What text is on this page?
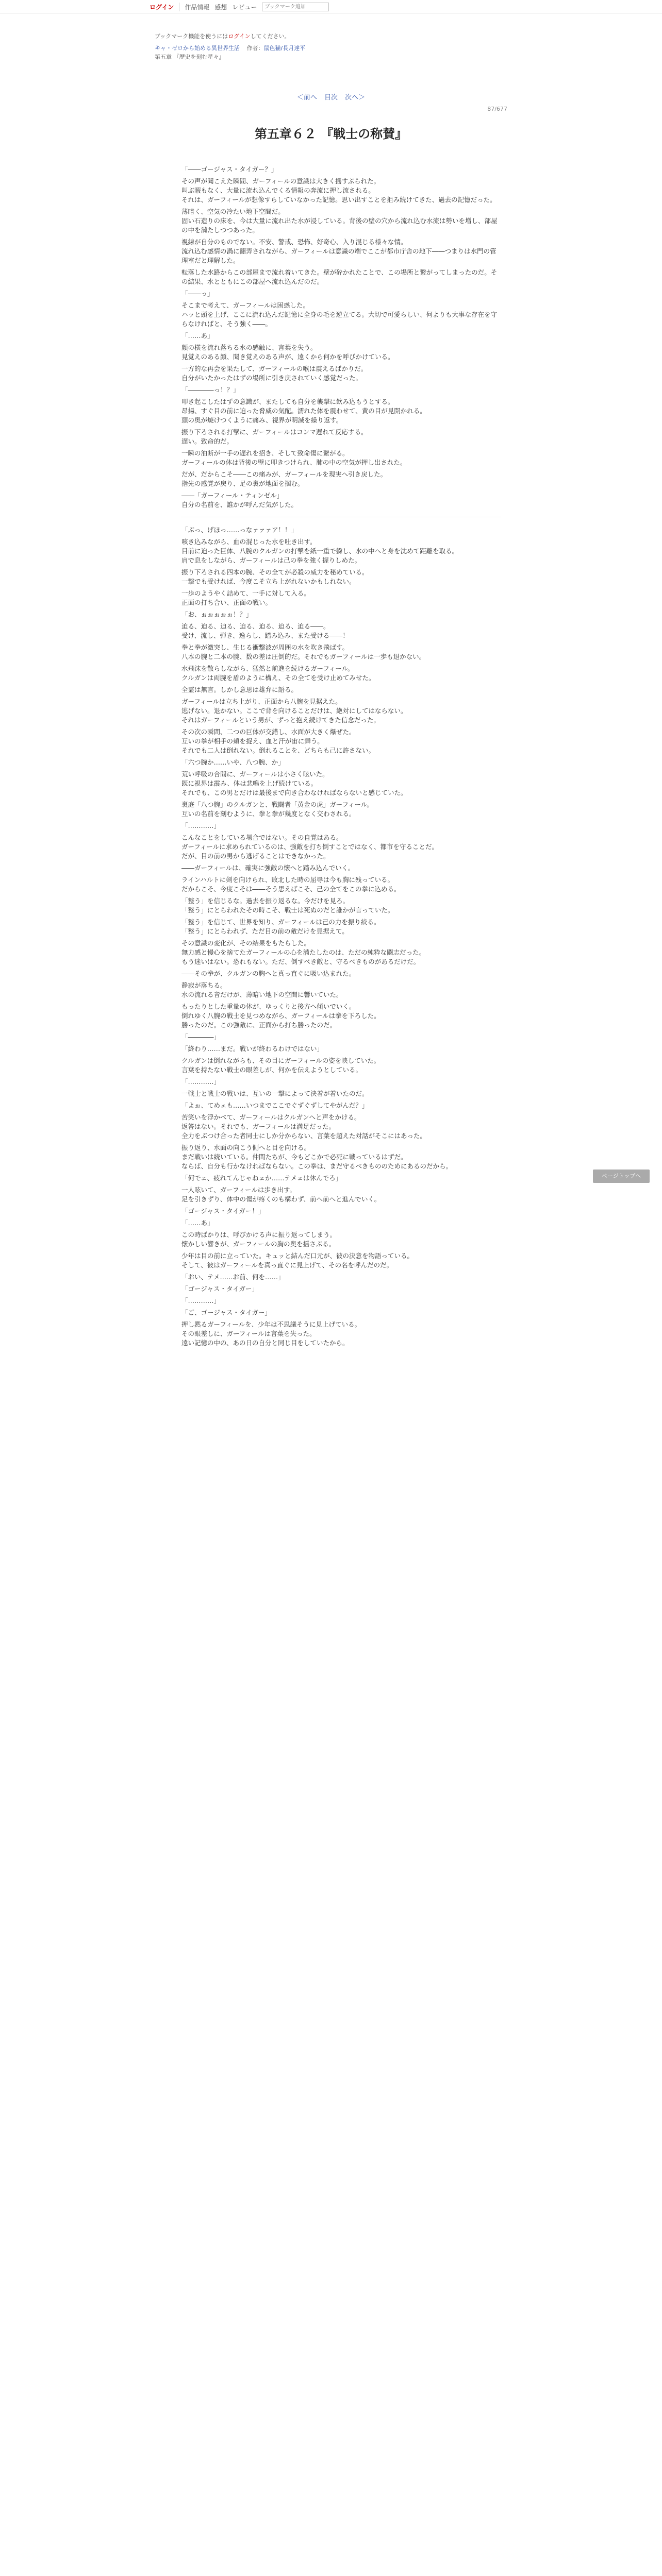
ログイン	作品情報 感想 レビュー
ブックマーク追加
ブックマーク機能を使うにはログインしてください。
キャ・ゼロから始める異世界生活 作者：鼠色猫/長月達平
第五章 『歴史を刻む星々』
＜前へ 目次 次へ＞
87/677
第五章６２ 『戦士の称賛』

「――ゴージャス・タイガー？」

その声が聞こえた瞬間、ガーフィールの意識は大きく揺すぶられた。
叫ぶ暇もなく、大量に流れ込んでくる情報の奔流に押し流される。
それは、ガーフィールが想像すらしていなかった記憶。思い出すことを拒み続けてきた、過去の記憶だった。

薄暗く、空気の冷たい地下空間だ。
固い石造りの床を、今は大量に流れ出た水が浸している。背後の壁の穴から流れ込む水流は勢いを増し、部屋の中を満たしつつあった。

視線が自分のものでない。不安、警戒、恐怖、好奇心、入り混じる様々な情。
流れ込む感情の渦に翻弄されながら、ガーフィールは意識の端でここが都市庁舎の地下――つまりは水門の管理室だと理解した。

転落した水路からこの部屋まで流れ着いてきた。壁が砕かれたことで、この場所と繋がってしまったのだ。その結果、水とともにこの部屋へ流れ込んだのだ。

「――っ」

そこまで考えて、ガーフィールは困惑した。
ハッと頭を上げ、ここに流れ込んだ記憶に全身の毛を逆立てる。大切で可愛らしい、何よりも大事な存在を守らなければと、そう強く――。

「……あ」

顔の横を流れ落ちる水の感触に、言葉を失う。
見覚えのある顔、聞き覚えのある声が、遠くから何かを呼びかけている。

一方的な再会を果たして、ガーフィールの喉は震えるばかりだ。
自分がいたかったはずの場所に引き戻されていく感覚だった。

「――――っ！？」

叩き起こしたはずの意識が、またしても自分を襲撃に飲み込もうとする。
昂揚、すぐ目の前に迫った脅威の気配。濡れた体を震わせて、黄の目が見開かれる。
頭の奥が焼けつくように痛み、視界が明滅を繰り返す。

振り下ろされる打撃に、ガーフィールはコンマ遅れて反応する。
遅い。致命的だ。

一瞬の油断が一手の遅れを招き、そして致命傷に繋がる。
ガーフィールの体は背後の壁に叩きつけられ、肺の中の空気が押し出された。

だが、だからこそ――この痛みが、ガーフィールを現実へ引き戻した。
指先の感覚が戻り、足の裏が地面を掴む。

――「ガーフィール・ティンゼル」
自分の名前を、誰かが呼んだ気がした。

「ぶっ、げほっ……っなァァァア！！」

咳き込みながら、血の混じった水を吐き出す。
目前に迫った巨体、八腕のクルガンの打撃を紙一重で躱し、水の中へと身を沈めて距離を取る。
肩で息をしながら、ガーフィールは己の拳を強く握りしめた。

振り下ろされる四本の腕、その全てが必殺の威力を秘めている。
一撃でも受ければ、今度こそ立ち上がれないかもしれない。

一歩のようやく詰めて、一手に対して入る。
正面の打ち合い、正面の戦い。

「お、ぉぉぉぉぉ！？」

迫る、迫る、迫る、迫る、迫る、迫る、迫る――。
受け、流し、弾き、逸らし、踏み込み、また受ける――！

拳と拳が激突し、生じる衝撃波が周囲の水を吹き飛ばす。
八本の腕と二本の腕、数の差は圧倒的だ。それでもガーフィールは一歩も退かない。

水飛沫を散らしながら、猛然と前進を続けるガーフィール。
クルガンは両腕を盾のように構え、その全てを受け止めてみせた。

全霊は無言。しかし意思は雄弁に語る。

ガーフィールは立ち上がり、正面から八腕を見据えた。
逃げない。退かない。ここで背を向けることだけは、絶対にしてはならない。
それはガーフィールという男が、ずっと抱え続けてきた信念だった。

その次の瞬間、二つの巨体が交錯し、水面が大きく爆ぜた。
互いの拳が相手の頬を捉え、血と汗が宙に舞う。
それでも二人は倒れない。倒れることを、どちらも己に許さない。

「六つ腕か……いや、八つ腕、か」

荒い呼吸の合間に、ガーフィールは小さく呟いた。
既に視界は霞み、体は悲鳴を上げ続けている。
それでも、この男とだけは最後まで向き合わなければならないと感じていた。

裏庭「八つ腕」のクルガンと、戦闘者「黄金の虎」ガーフィール。
互いの名前を刻むように、拳と拳が幾度となく交わされる。

「…………」

こんなことをしている場合ではない。その自覚はある。
ガーフィールに求められているのは、強敵を打ち倒すことではなく、都市を守ることだ。
だが、目の前の男から逃げることはできなかった。

――ガーフィールは、確実に強敵の懐へと踏み込んでいく。

ラインハルトに剣を向けられ、敗北した時の屈辱は今も胸に残っている。
だからこそ、今度こそは――そう思えばこそ、己の全てをこの拳に込める。

「整う」を信じるな。過去を振り返るな。今だけを見ろ。
「整う」にとらわれたその時こそ、戦士は死ぬのだと誰かが言っていた。

「整う」を信じて、世界を知り、ガーフィールは己の力を振り絞る。
「整う」にとらわれず、ただ目の前の敵だけを見据えて。

その意識の変化が、その結果をもたらした。
無力感と慢心を捨てたガーフィールの心を満たしたのは、ただの純粋な闘志だった。
もう迷いはない。恐れもない。ただ、倒すべき敵と、守るべきものがあるだけだ。

――その拳が、クルガンの胸へと真っ直ぐに吸い込まれた。

静寂が落ちる。
水の流れる音だけが、薄暗い地下の空間に響いていた。

もったりとした重量の体が、ゆっくりと後方へ傾いでいく。
倒れゆく八腕の戦士を見つめながら、ガーフィールは拳を下ろした。
勝ったのだ。この強敵に、正面から打ち勝ったのだ。

「――――」

「終わり……まだ。戦いが終わるわけではない」

クルガンは倒れながらも、その目にガーフィールの姿を映していた。
言葉を持たない戦士の眼差しが、何かを伝えようとしている。

「…………」

一戦士と戦士の戦いは、互いの一撃によって決着が着いたのだ。

「よぉ、てめェも……いつまでここでぐずぐずしてやがんだ？」

苦笑いを浮かべて、ガーフィールはクルガンへと声をかける。
返答はない。それでも、ガーフィールは満足だった。
全力をぶつけ合った者同士にしか分からない、言葉を超えた対話がそこにはあった。

振り返り、水面の向こう側へと目を向ける。
まだ戦いは続いている。仲間たちが、今もどこかで必死に戦っているはずだ。
ならば、自分も行かなければならない。この拳は、まだ守るべきもののためにあるのだから。

「何でェ、疲れてんじゃねェか……テメェは休んでろ」

一人呟いて、ガーフィールは歩き出す。
足を引きずり、体中の傷が疼くのも構わず、前へ前へと進んでいく。

「ゴージャス・タイガー！」

「……あ」

この時ばかりは、呼びかける声に振り返ってしまう。
懐かしい響きが、ガーフィールの胸の奥を揺さぶる。

少年は目の前に立っていた。キュッと結んだ口元が、彼の決意を物語っている。
そして、彼はガーフィールを真っ直ぐに見上げて、その名を呼んだのだ。

「おい、テメ……お前、何を……」

「ゴージャス・タイガー」

「…………」

「ご、ゴージャス・タイガー」

押し黙るガーフィールを、少年は不思議そうに見上げている。
その眼差しに、ガーフィールは言葉を失った。
遠い記憶の中の、あの日の自分と同じ目をしていたから。

ページトップへ
